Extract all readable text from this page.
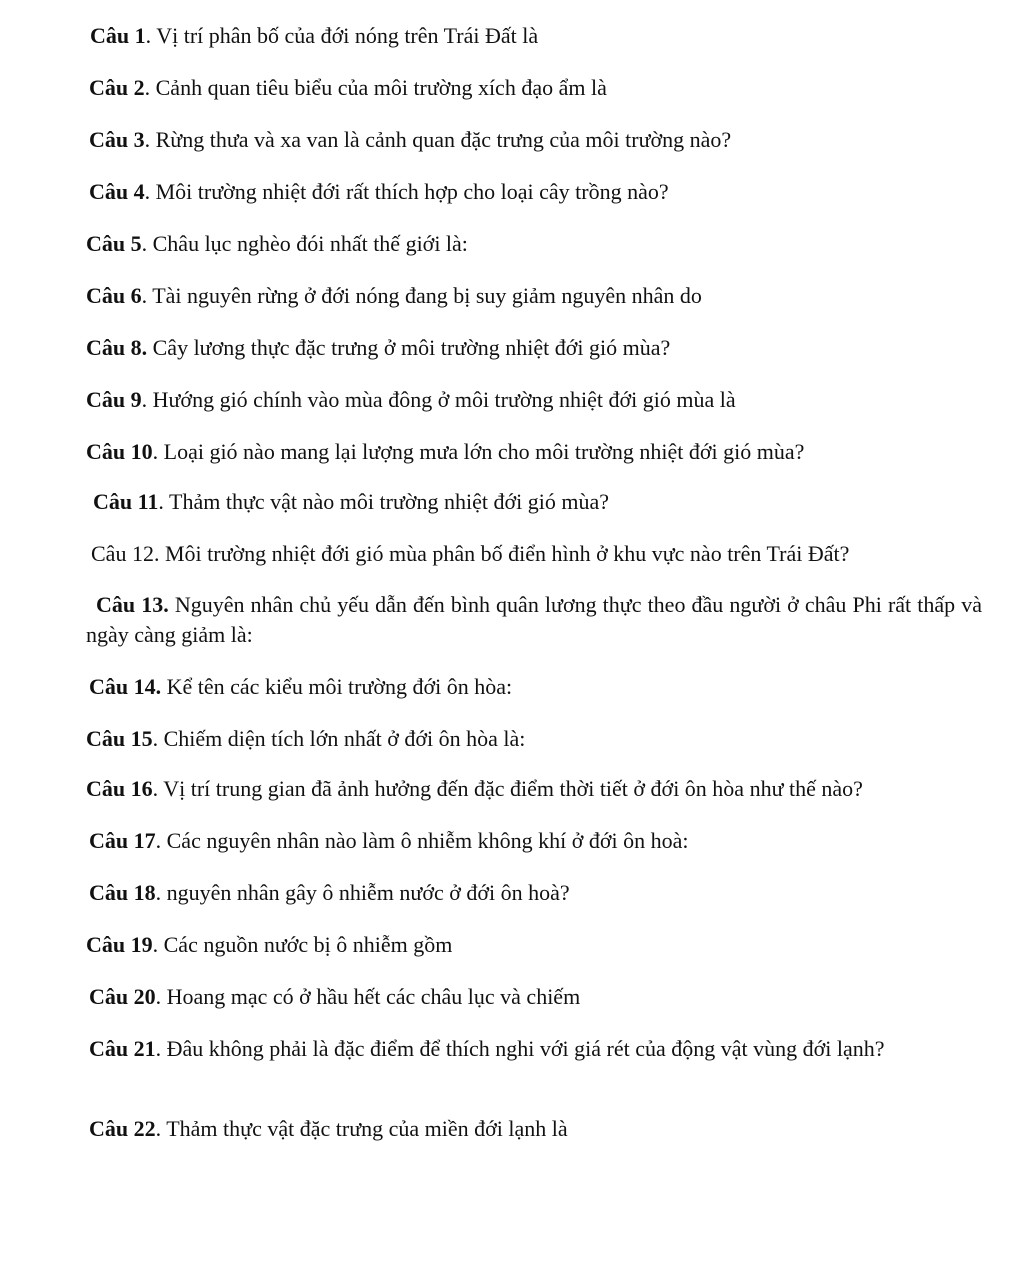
Câu 1. Vị trí phân bố của đới nóng trên Trái Đất là
Câu 2. Cảnh quan tiêu biểu của môi trường xích đạo ẩm là
Câu 3. Rừng thưa và xa van là cảnh quan đặc trưng của môi trường nào?
Câu 4. Môi trường nhiệt đới rất thích hợp cho loại cây trồng nào?
Câu 5. Châu lục nghèo đói nhất thế giới là:
Câu 6. Tài nguyên rừng ở đới nóng đang bị suy giảm nguyên nhân do
Câu 8. Cây lương thực đặc trưng ở môi trường nhiệt đới gió mùa?
Câu 9. Hướng gió chính vào mùa đông ở môi trường nhiệt đới gió mùa là
Câu 10. Loại gió nào mang lại lượng mưa lớn cho môi trường nhiệt đới gió mùa?
Câu 11. Thảm thực vật nào môi trường nhiệt đới gió mùa?
Câu 12. Môi trường nhiệt đới gió mùa phân bố điển hình ở khu vực nào trên Trái Đất?
Câu 13. Nguyên nhân chủ yếu dẫn đến bình quân lương thực theo đầu người ở châu Phi rất thấp và ngày càng giảm là:
Câu 14. Kể tên các kiểu môi trường đới ôn hòa:
Câu 15. Chiếm diện tích lớn nhất ở đới ôn hòa là:
Câu 16. Vị trí trung gian đã ảnh hưởng đến đặc điểm thời tiết ở đới ôn hòa như thế nào?
Câu 17. Các nguyên nhân nào làm ô nhiễm không khí ở đới ôn hoà:
Câu 18. nguyên nhân gây ô nhiễm nước ở đới ôn hoà?
Câu 19. Các nguồn nước bị ô nhiễm gồm
Câu 20. Hoang mạc có ở hầu hết các châu lục và chiếm
Câu 21. Đâu không phải là đặc điểm để thích nghi với giá rét của động vật vùng đới lạnh?
Câu 22. Thảm thực vật đặc trưng của miền đới lạnh là
